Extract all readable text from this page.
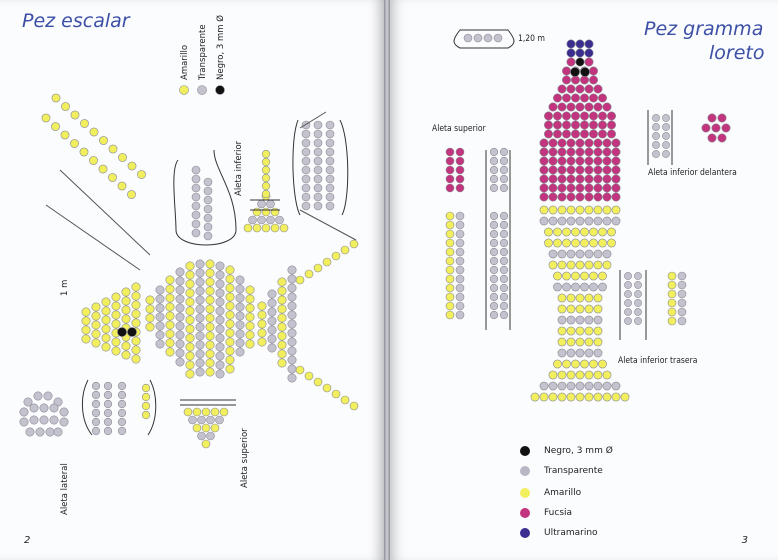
Pez escalar
Amarillo Transparente Negro, 3 mm Ø
Aleta inferior
Aleta superior
Aleta lateral
1 m
2
Pez gramma
loreto
1,20 m
Aleta superior
Aleta inferior delantera
Aleta inferior trasera
Negro, 3 mm Ø
Transparente
Amarillo
Fucsia
Ultramarino
3
